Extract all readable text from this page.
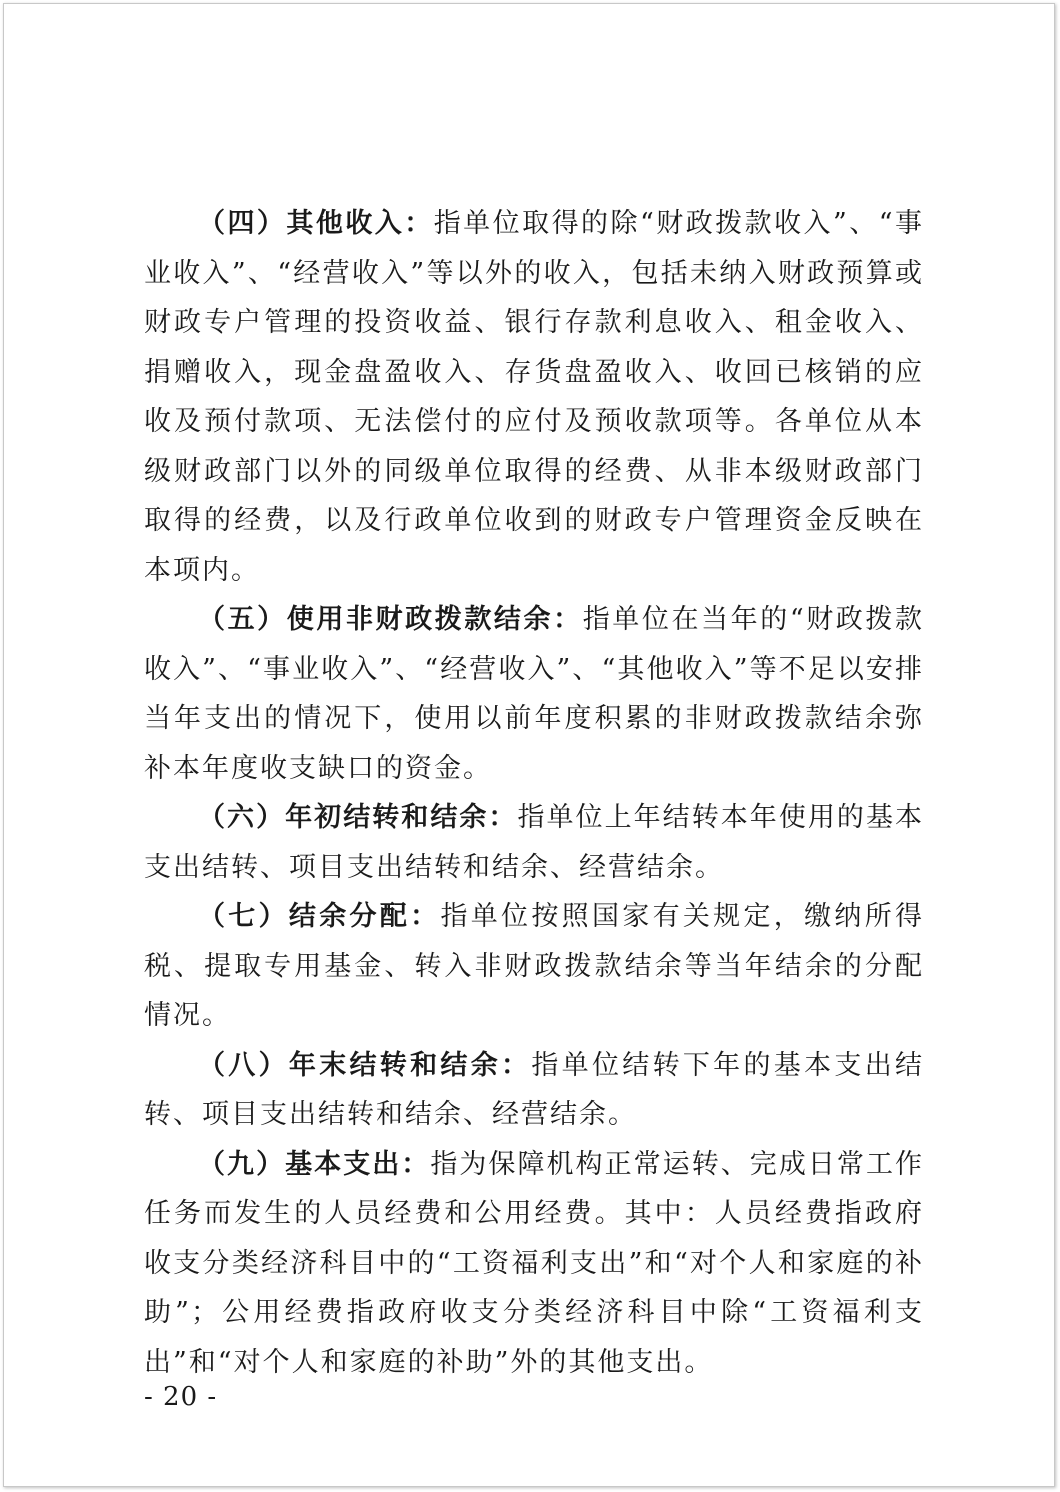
（四）其他收入：指单位取得的除“财政拨款收入”、“事业收入”、“经营收入”等以外的收入，包括未纳入财政预算或财政专户管理的投资收益、银行存款利息收入、租金收入、捐赠收入，现金盘盈收入、存货盘盈收入、收回已核销的应收及预付款项、无法偿付的应付及预收款项等。各单位从本级财政部门以外的同级单位取得的经费、从非本级财政部门取得的经费，以及行政单位收到的财政专户管理资金反映在本项内。

（五）使用非财政拨款结余：指单位在当年的“财政拨款收入”、“事业收入”、“经营收入”、“其他收入”等不足以安排当年支出的情况下，使用以前年度积累的非财政拨款结余弥补本年度收支缺口的资金。

（六）年初结转和结余：指单位上年结转本年使用的基本支出结转、项目支出结转和结余、经营结余。

（七）结余分配：指单位按照国家有关规定，缴纳所得税、提取专用基金、转入非财政拨款结余等当年结余的分配情况。

（八）年末结转和结余：指单位结转下年的基本支出结转、项目支出结转和结余、经营结余。

（九）基本支出：指为保障机构正常运转、完成日常工作任务而发生的人员经费和公用经费。其中：人员经费指政府收支分类经济科目中的“工资福利支出”和“对个人和家庭的补助”；公用经费指政府收支分类经济科目中除“工资福利支出”和“对个人和家庭的补助”外的其他支出。

- 20 -
